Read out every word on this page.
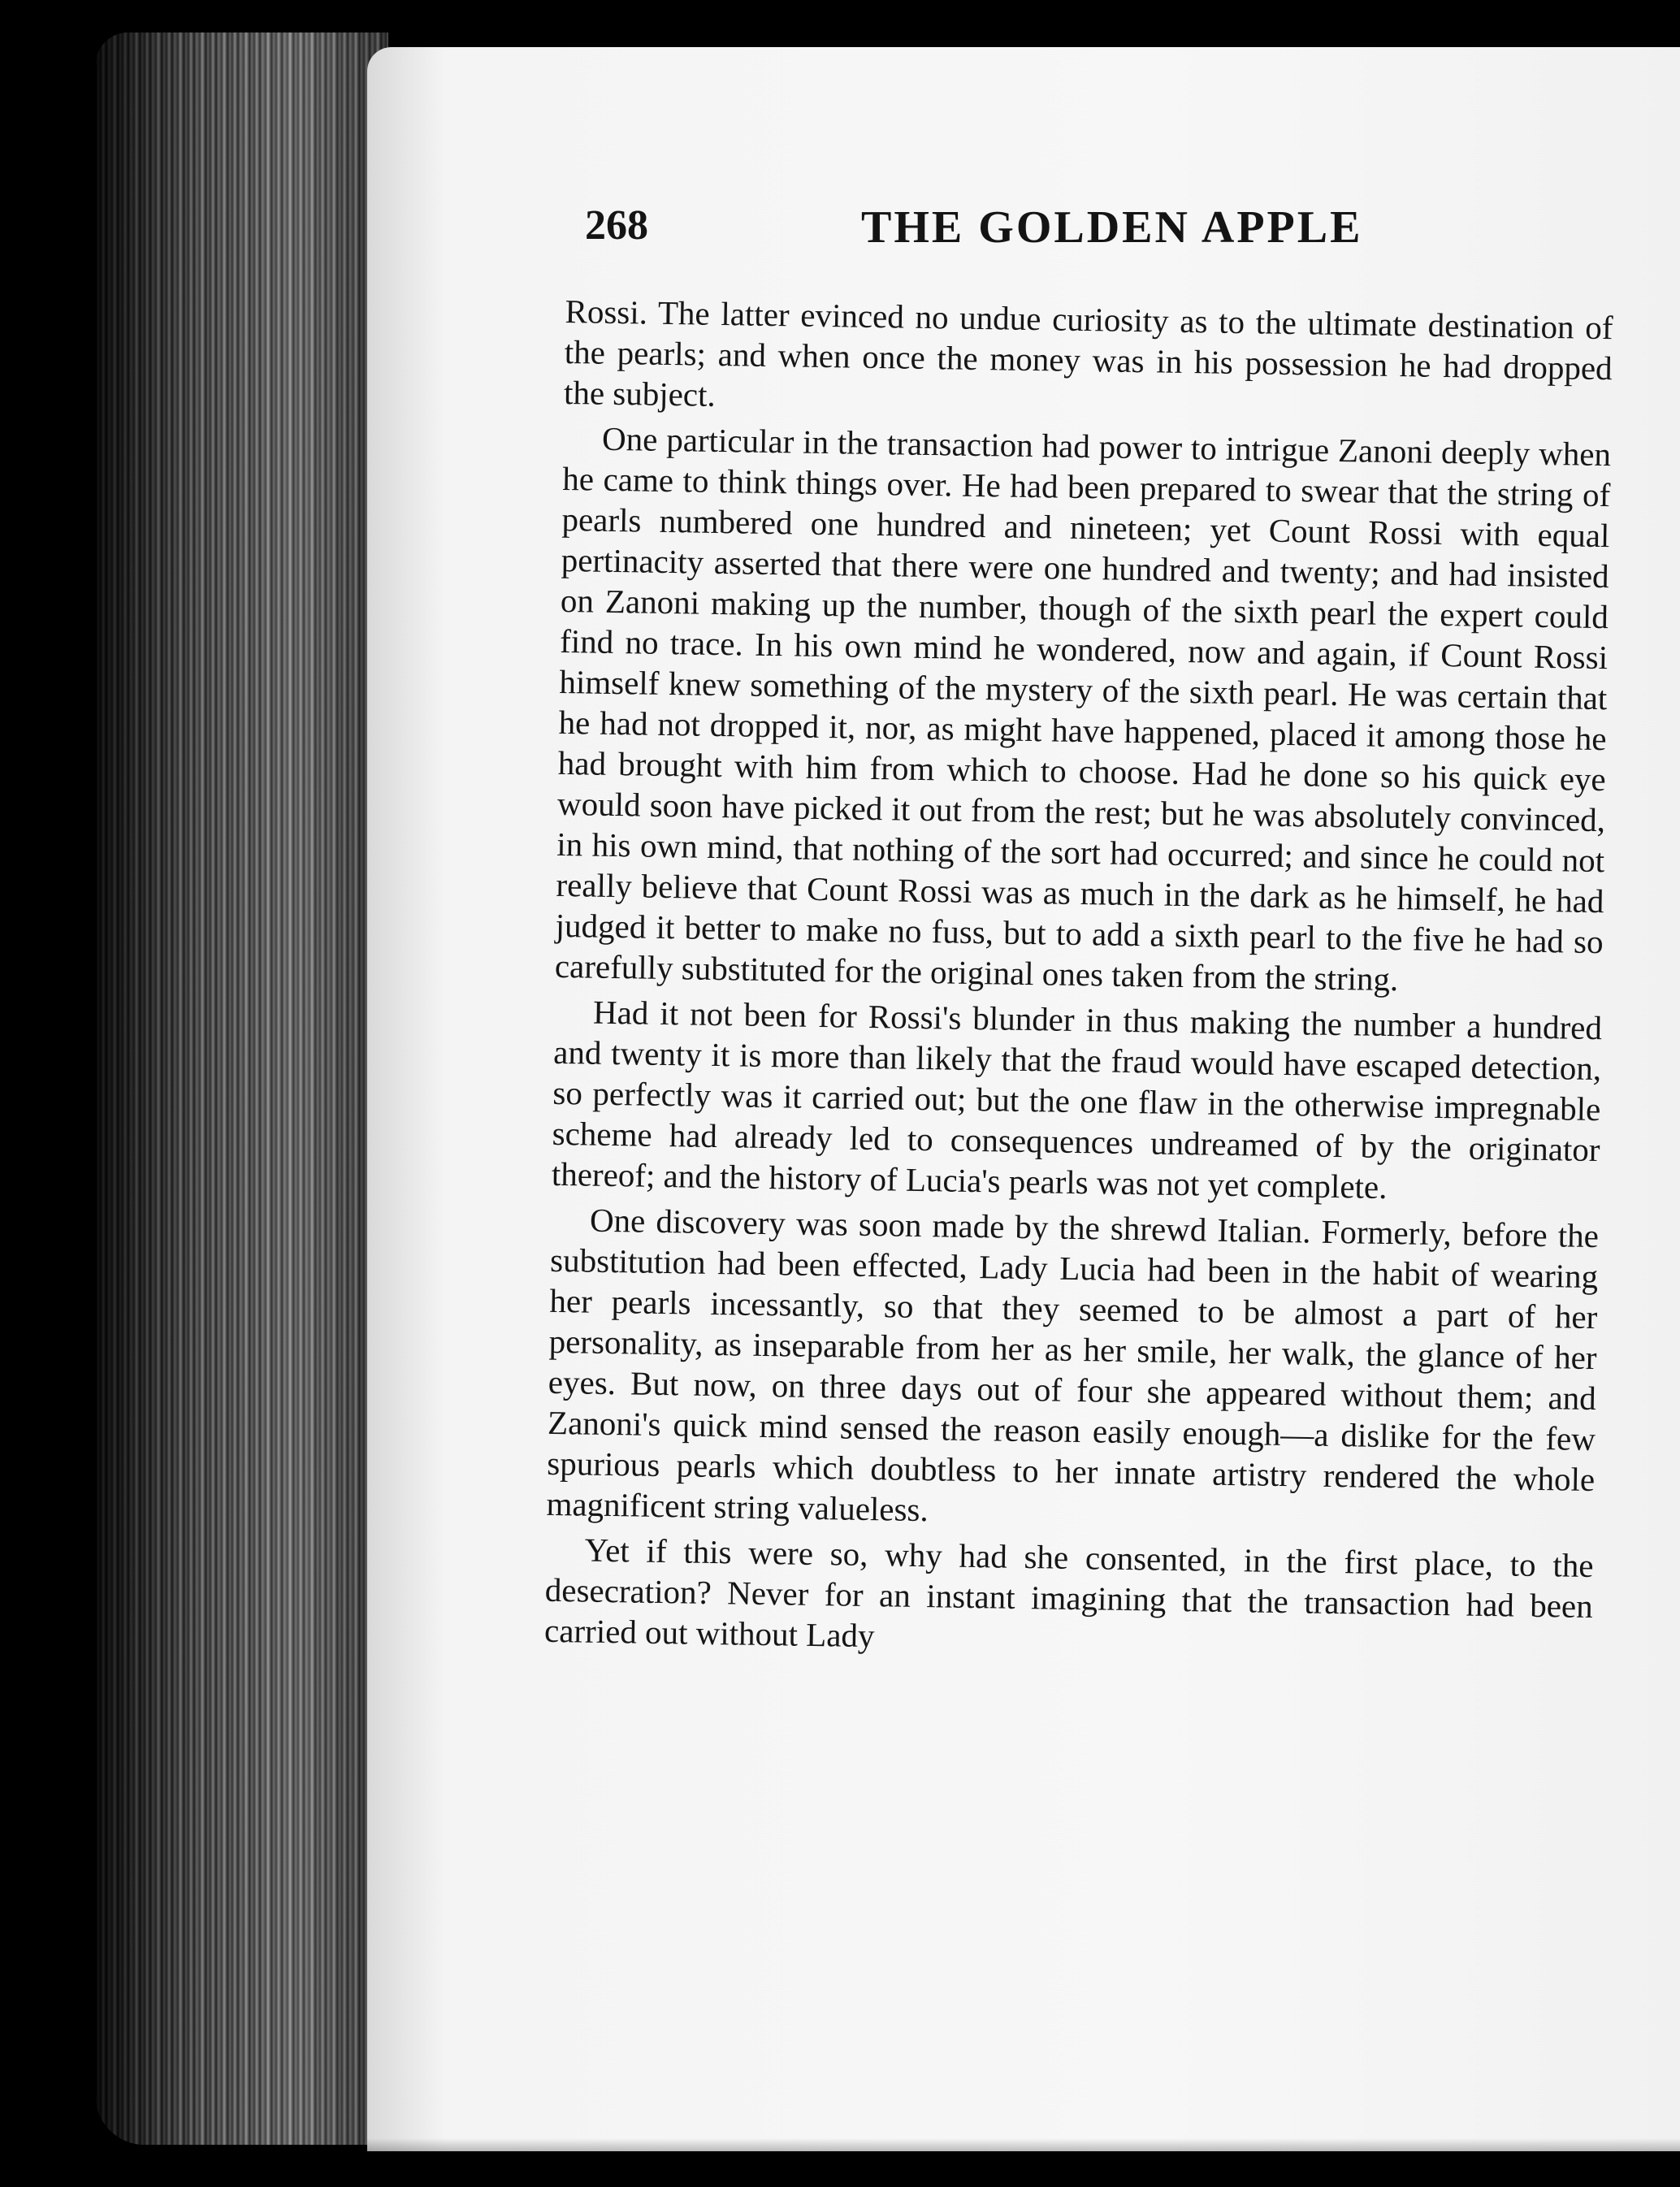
268	THE GOLDEN APPLE

Rossi. The latter evinced no undue curiosity as to the ultimate destination of the pearls; and when once the money was in his possession he had dropped the subject.

One particular in the transaction had power to intrigue Zanoni deeply when he came to think things over. He had been prepared to swear that the string of pearls numbered one hundred and nineteen; yet Count Rossi with equal pertinacity asserted that there were one hundred and twenty; and had insisted on Zanoni making up the number, though of the sixth pearl the expert could find no trace. In his own mind he wondered, now and again, if Count Rossi himself knew something of the mystery of the sixth pearl. He was certain that he had not dropped it, nor, as might have happened, placed it among those he had brought with him from which to choose. Had he done so his quick eye would soon have picked it out from the rest; but he was absolutely convinced, in his own mind, that nothing of the sort had occurred; and since he could not really believe that Count Rossi was as much in the dark as he himself, he had judged it better to make no fuss, but to add a sixth pearl to the five he had so carefully substituted for the original ones taken from the string.

Had it not been for Rossi's blunder in thus making the number a hundred and twenty it is more than likely that the fraud would have escaped detection, so perfectly was it carried out; but the one flaw in the otherwise impregnable scheme had already led to consequences undreamed of by the originator thereof; and the history of Lucia's pearls was not yet complete.

One discovery was soon made by the shrewd Italian. Formerly, before the substitution had been effected, Lady Lucia had been in the habit of wearing her pearls incessantly, so that they seemed to be almost a part of her personality, as inseparable from her as her smile, her walk, the glance of her eyes. But now, on three days out of four she appeared without them; and Zanoni's quick mind sensed the reason easily enough—a dislike for the few spurious pearls which doubtless to her innate artistry rendered the whole magnificent string valueless.

Yet if this were so, why had she consented, in the first place, to the desecration? Never for an instant imagining that the transaction had been carried out without Lady
